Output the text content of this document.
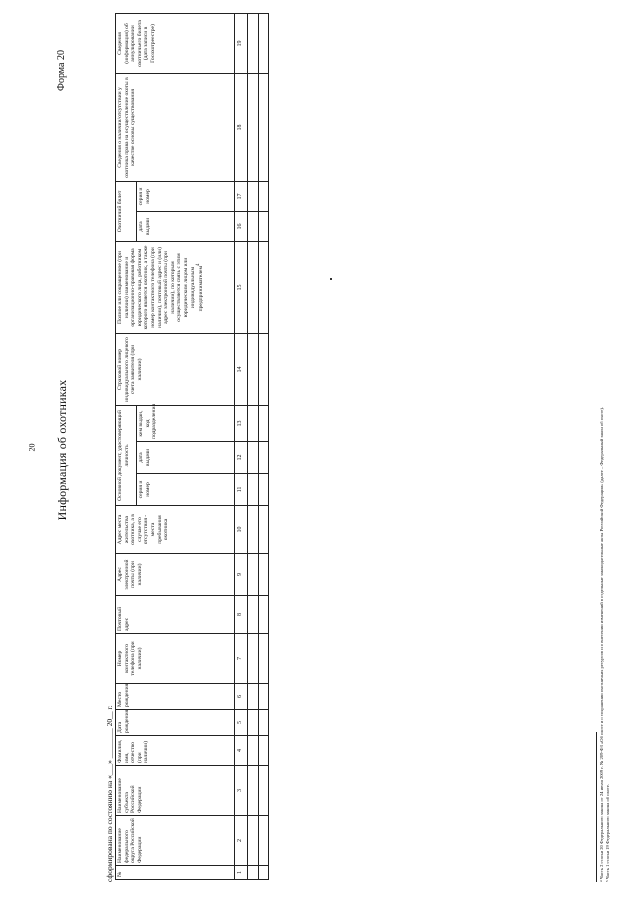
20
Форма 20
Информация об охотниках
сформирована по состоянию на «___» ________ 20__ г. №	Наименование федерального округа Российской Федерации	Наименование субъекта Российской Федерации	Фамилия, имя, отчество (при наличии)	Дата рождения	Место рождения	Номер контактного телефона (при наличии)	Почтовый адрес	Адрес электронной почты (при наличии)	Адрес места жительства охотника, а в случае его отсутствия - места пребывания охотника	Основной документ, удостоверяющий личность			Страховой номер индивидуального лицевого счета заявителя (при наличии)	Полное или сокращенное (при наличии) наименование и организационно-правовая форма юридического лица, работником которого является охотник, а также номер контактного телефона (при наличии), почтовый адрес и (или) адрес электронной почты (при наличии), по которым осуществляется связь с этим юридическим лицом или индивидуальным предпринимателем$^4$	Охотничий билет		Сведения о наличии/отсутствии у охотника права на осуществление охоты в качестве основы существования	Сведения (информация) об аннулировании охотничьего билета (дата записи в Госохотреестре)
										серия и номер	дата выдачи	кем выдан, код подразделения			дата выдачи	серия и номер		
1	2	3	4	5	6	7	8	9	10	11	12	13	14	15	16	17	18	19

⁴ Часть 2 статьи 20 Федерального закона от 24 июля 2009 г. № 209-ФЗ «Об охоте и о сохранении охотничьих ресурсов и о внесении изменений в отдельные законодательные акты Российской Федерации» (далее – Федеральный закон об охоте). ⁵ Часть 1 статьи 19 Федерального закона об охоте.
